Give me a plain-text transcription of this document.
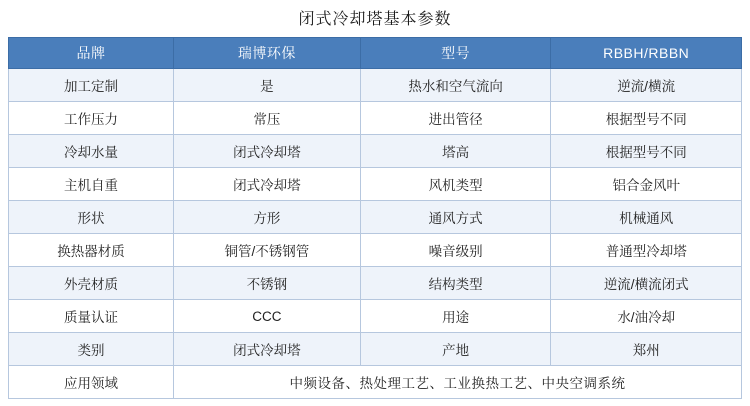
闭式冷却塔基本参数
品牌	瑞博环保	型号	RBBH/RBBN
加工定制	是	热水和空气流向	逆流/横流
工作压力	常压	进出管径	根据型号不同
冷却水量	闭式冷却塔	塔高	根据型号不同
主机自重	闭式冷却塔	风机类型	铝合金风叶
形状	方形	通风方式	机械通风
换热器材质	铜管/不锈钢管	噪音级别	普通型冷却塔
外壳材质	不锈钢	结构类型	逆流/横流闭式
质量认证	CCC	用途	水/油冷却
类别	闭式冷却塔	产地	郑州
应用领域	中频设备、热处理工艺、工业换热工艺、中央空调系统		
